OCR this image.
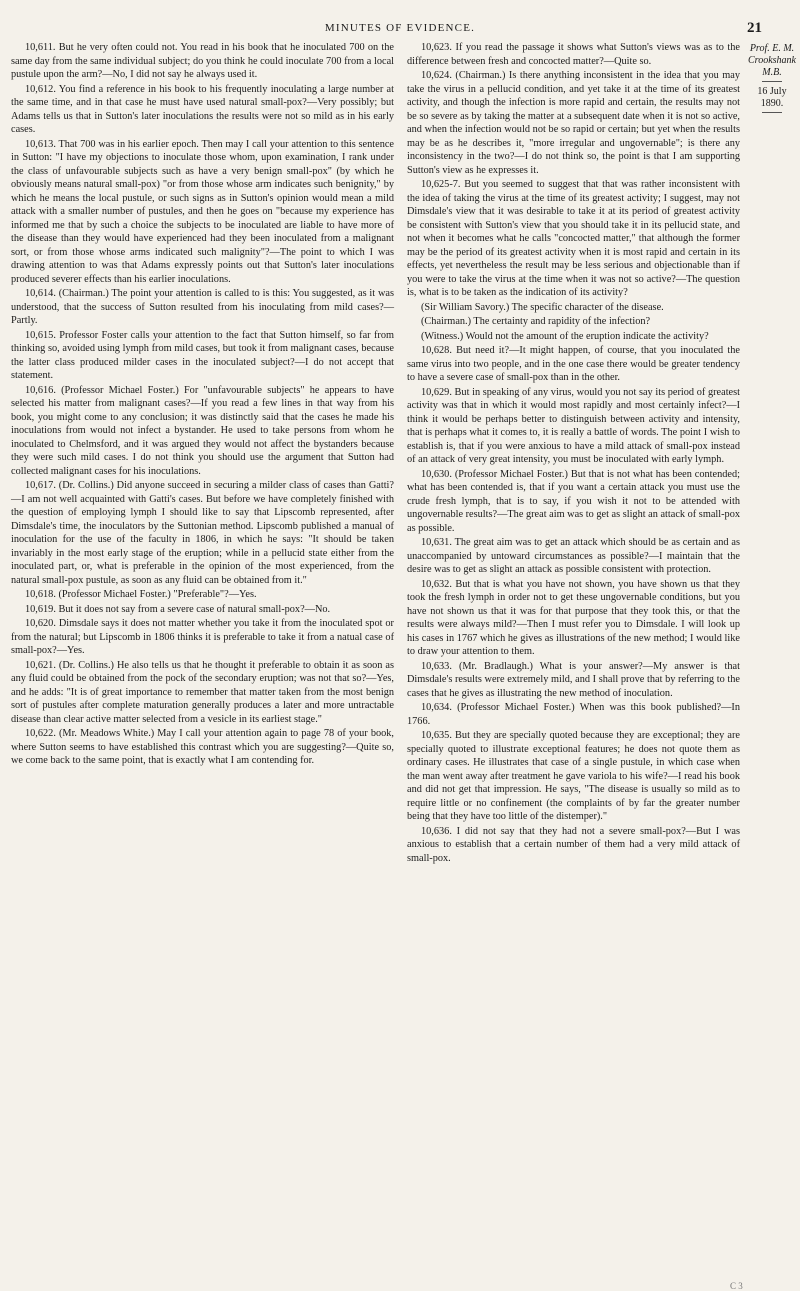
MINUTES OF EVIDENCE.	21

10,611. But he very often could not. You read in his book that he inoculated 700 on the same day from the same individual subject; do you think he could inoculate 700 from a local pustule upon the arm?—No, I did not say he always used it.

10,612. You find a reference in his book to his frequently inoculating a large number at the same time, and in that case he must have used natural small-pox?—Very possibly; but Adams tells us that in Sutton's later inoculations the results were not so mild as in his early cases.

10,613. That 700 was in his earlier epoch. Then may I call your attention to this sentence in Sutton: "I have my objections to inoculate those whom, upon examination, I rank under the class of unfavourable subjects such as have a very benign small-pox" (by which he obviously means natural small-pox) "or from those whose arm indicates such benignity," by which he means the local pustule, or such signs as in Sutton's opinion would mean a mild attack with a smaller number of pustules, and then he goes on "because my experience has informed me that by such a choice the subjects to be inoculated are liable to have more of the disease than they would have experienced had they been inoculated from a malignant sort, or from those whose arms indicated such malignity"?—The point to which I was drawing attention to was that Adams expressly points out that Sutton's later inoculations produced severer effects than his earlier inoculations.

10,614. (Chairman.) The point your attention is called to is this: You suggested, as it was understood, that the success of Sutton resulted from his inoculating from mild cases?—Partly.

10,615. Professor Foster calls your attention to the fact that Sutton himself, so far from thinking so, avoided using lymph from mild cases, but took it from malignant cases, because the latter class produced milder cases in the inoculated subject?—I do not accept that statement.

10,616. (Professor Michael Foster.) For "unfavourable subjects" he appears to have selected his matter from malignant cases?—If you read a few lines in that way from his book, you might come to any conclusion; it was distinctly said that the cases he made his inoculations from would not infect a bystander. He used to take persons from whom he inoculated to Chelmsford, and it was argued they would not affect the bystanders because they were such mild cases. I do not think you should use the argument that Sutton had collected malignant cases for his inoculations.

10,617. (Dr. Collins.) Did anyone succeed in securing a milder class of cases than Gatti?—I am not well acquainted with Gatti's cases. But before we have completely finished with the question of employing lymph I should like to say that Lipscomb represented, after Dimsdale's time, the inoculators by the Suttonian method. Lipscomb published a manual of inoculation for the use of the faculty in 1806, in which he says: "It should be taken invariably in the most early stage of the eruption; while in a pellucid state either from the inoculated part, or, what is preferable in the opinion of the most experienced, from the natural small-pox pustule, as soon as any fluid can be obtained from it."

10,618. (Professor Michael Foster.) "Preferable"?—Yes.

10,619. But it does not say from a severe case of natural small-pox?—No.

10,620. Dimsdale says it does not matter whether you take it from the inoculated spot or from the natural; but Lipscomb in 1806 thinks it is preferable to take it from a natual case of small-pox?—Yes.

10,621. (Dr. Collins.) He also tells us that he thought it preferable to obtain it as soon as any fluid could be obtained from the pock of the secondary eruption; was not that so?—Yes, and he adds: "It is of great importance to remember that matter taken from the most benign sort of pustules after complete maturation generally produces a later and more untractable disease than clear active matter selected from a vesicle in its earliest stage."

10,622. (Mr. Meadows White.) May I call your attention again to page 78 of your book, where Sutton seems to have established this contrast which you are suggesting?—Quite so, we come back to the same point, that is exactly what I am contending for.

10,623. If you read the passage it shows what Sutton's views was as to the difference between fresh and concocted matter?—Quite so.

10,624. (Chairman.) Is there anything inconsistent in the idea that you may take the virus in a pellucid condition, and yet take it at the time of its greatest activity, and though the infection is more rapid and certain, the results may not be so severe as by taking the matter at a subsequent date when it is not so active, and when the infection would not be so rapid or certain; but yet when the results may be as he describes it, "more irregular and ungovernable"; is there any inconsistency in the two?—I do not think so, the point is that I am supporting Sutton's view as he expresses it.

10,625-7. But you seemed to suggest that that was rather inconsistent with the idea of taking the virus at the time of its greatest activity; I suggest, may not Dimsdale's view that it was desirable to take it at its period of greatest activity be consistent with Sutton's view that you should take it in its pellucid state, and not when it becomes what he calls "concocted matter," that although the former may be the period of its greatest activity when it is most rapid and certain in its effects, yet nevertheless the result may be less serious and objectionable than if you were to take the virus at the time when it was not so active?—The question is, what is to be taken as the indication of its activity?

(Sir William Savory.) The specific character of the disease.

(Chairman.) The certainty and rapidity of the infection?

(Witness.) Would not the amount of the eruption indicate the activity?

10,628. But need it?—It might happen, of course, that you inoculated the same virus into two people, and in the one case there would be greater tendency to have a severe case of small-pox than in the other.

10,629. But in speaking of any virus, would you not say its period of greatest activity was that in which it would most rapidly and most certainly infect?—I think it would be perhaps better to distinguish between activity and intensity, that is perhaps what it comes to, it is really a battle of words. The point I wish to establish is, that if you were anxious to have a mild attack of small-pox instead of an attack of very great intensity, you must be inoculated with early lymph.

10,630. (Professor Michael Foster.) But that is not what has been contended; what has been contended is, that if you want a certain attack you must use the crude fresh lymph, that is to say, if you wish it not to be attended with ungovernable results?—The great aim was to get as slight an attack of small-pox as possible.

10,631. The great aim was to get an attack which should be as certain and as unaccompanied by untoward circumstances as possible?—I maintain that the desire was to get as slight an attack as possible consistent with protection.

10,632. But that is what you have not shown, you have shown us that they took the fresh lymph in order not to get these ungovernable conditions, but you have not shown us that it was for that purpose that they took this, or that the results were always mild?—Then I must refer you to Dimsdale. I will look up his cases in 1767 which he gives as illustrations of the new method; I would like to draw your attention to them.

10,633. (Mr. Bradlaugh.) What is your answer?—My answer is that Dimsdale's results were extremely mild, and I shall prove that by referring to the cases that he gives as illustrating the new method of inoculation.

10,634. (Professor Michael Foster.) When was this book published?—In 1766.

10,635. But they are specially quoted because they are exceptional; they are specially quoted to illustrate exceptional features; he does not quote them as ordinary cases. He illustrates that case of a single pustule, in which case when the man went away after treatment he gave variola to his wife?—I read his book and did not get that impression. He says, "The disease is usually so mild as to require little or no confinement (the complaints of by far the greater number being that they have too little of the distemper)."

10,636. I did not say that they had not a severe small-pox?—But I was anxious to establish that a certain number of them had a very mild attack of small-pox.

Prof. E. M. Crookshank M.B.
16 July 1890.
C 3
